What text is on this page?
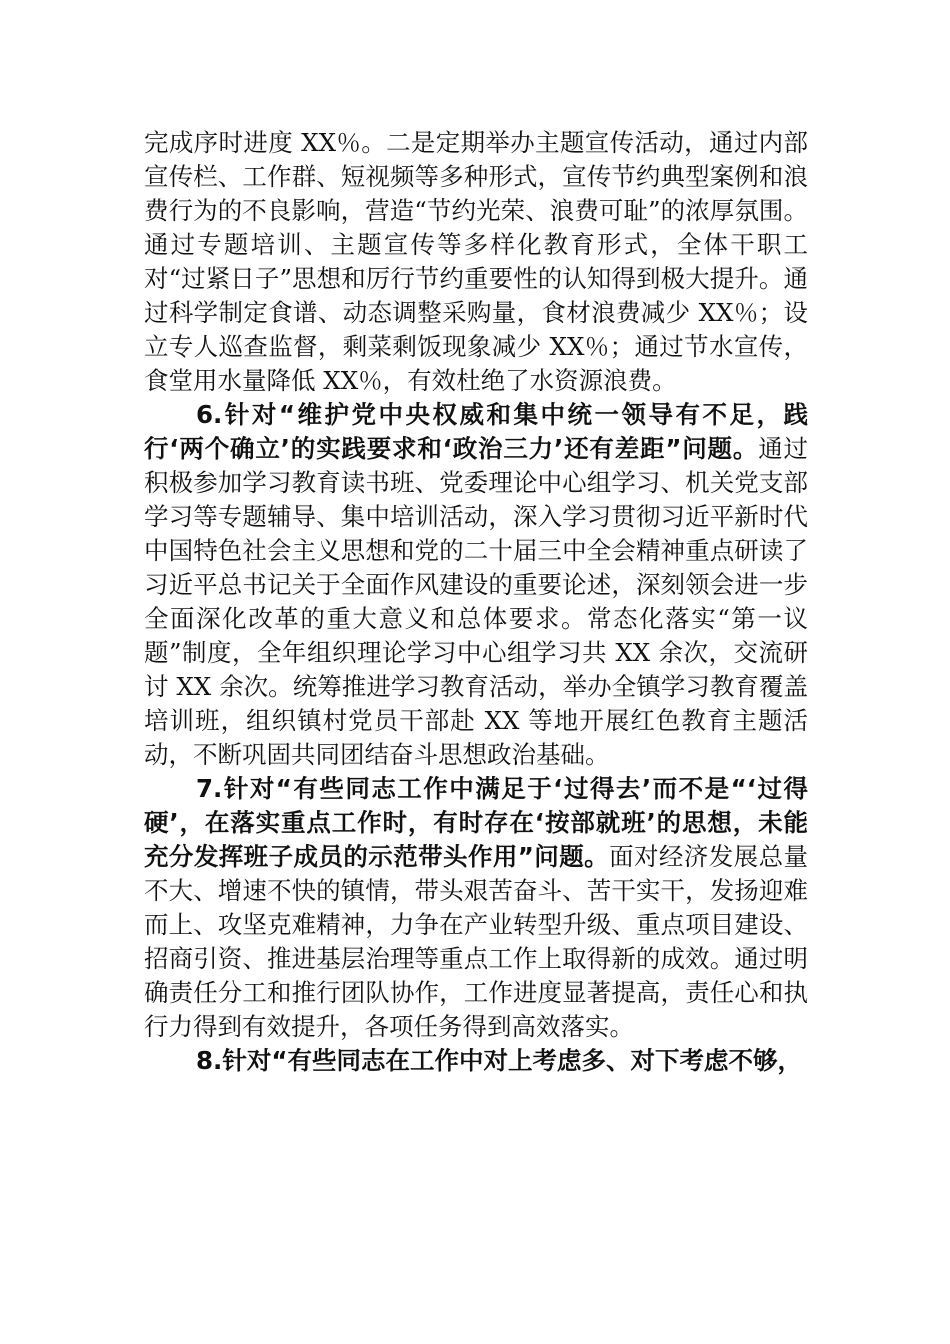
完成序时进度 XX％。二是定期举办主题宣传活动，通过内部宣传栏、工作群、短视频等多种形式，宣传节约典型案例和浪费行为的不良影响，营造“节约光荣、浪费可耻”的浓厚氛围。通过专题培训、主题宣传等多样化教育形式，全体干职工对“过紧日子”思想和厉行节约重要性的认知得到极大提升。通过科学制定食谱、动态调整采购量，食材浪费减少 XX％；设立专人巡查监督，剩菜剩饭现象减少 XX％；通过节水宣传，食堂用水量降低 XX％，有效杜绝了水资源浪费。

6.针对“维护党中央权威和集中统一领导有不足，践行‘两个确立’的实践要求和‘政治三力’还有差距”问题。通过积极参加学习教育读书班、党委理论中心组学习、机关党支部学习等专题辅导、集中培训活动，深入学习贯彻习近平新时代中国特色社会主义思想和党的二十届三中全会精神重点研读了习近平总书记关于全面作风建设的重要论述，深刻领会进一步全面深化改革的重大意义和总体要求。常态化落实“第一议题”制度，全年组织理论学习中心组学习共 XX 余次，交流研讨 XX 余次。统筹推进学习教育活动，举办全镇学习教育覆盖培训班，组织镇村党员干部赴 XX 等地开展红色教育主题活动，不断巩固共同团结奋斗思想政治基础。

7.针对“有些同志工作中满足于‘过得去’而不是“‘过得硬’，在落实重点工作时，有时存在‘按部就班’的思想，未能充分发挥班子成员的示范带头作用”问题。面对经济发展总量不大、增速不快的镇情，带头艰苦奋斗、苦干实干，发扬迎难而上、攻坚克难精神，力争在产业转型升级、重点项目建设、招商引资、推进基层治理等重点工作上取得新的成效。通过明确责任分工和推行团队协作，工作进度显著提高，责任心和执行力得到有效提升，各项任务得到高效落实。

8.针对“有些同志在工作中对上考虑多、对下考虑不够，
